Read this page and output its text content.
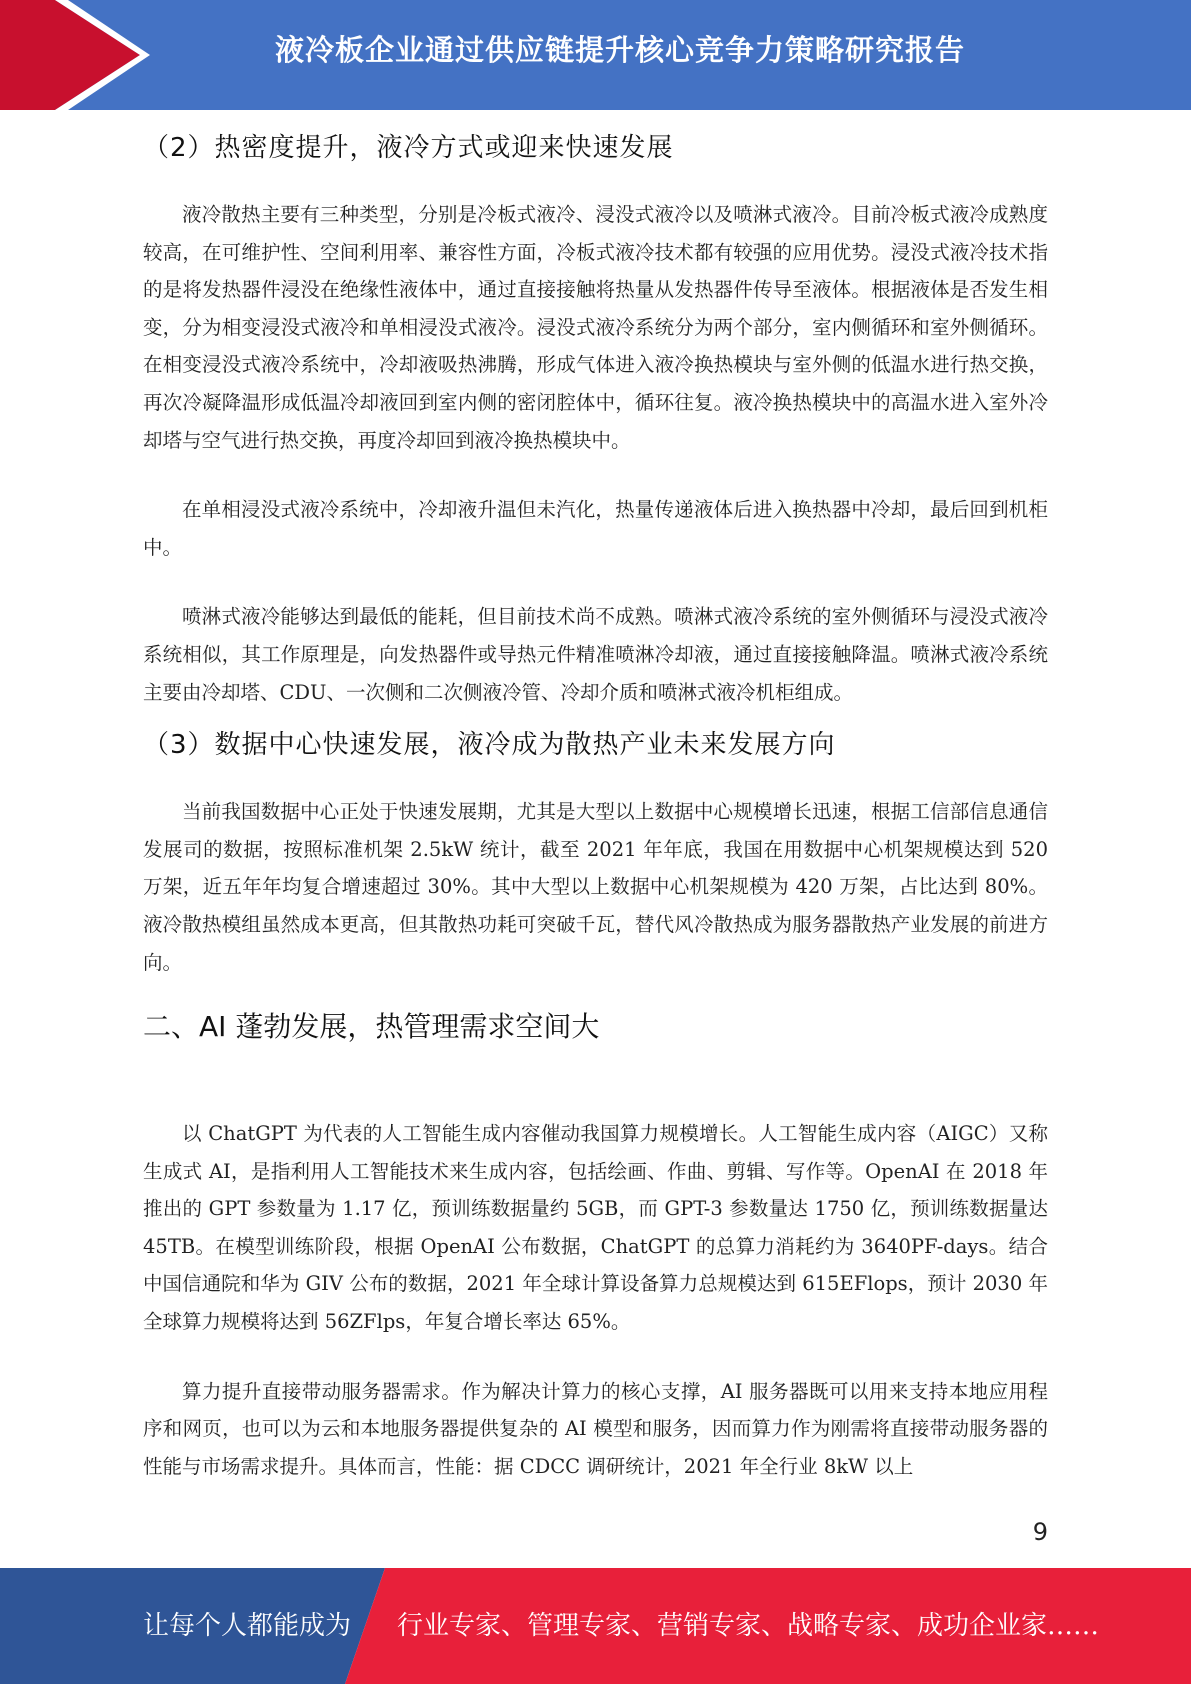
液冷板企业通过供应链提升核心竞争力策略研究报告
（2）热密度提升，液冷方式或迎来快速发展

液冷散热主要有三种类型，分别是冷板式液冷、浸没式液冷以及喷淋式液冷。目前冷板式液冷成熟度较高，在可维护性、空间利用率、兼容性方面，冷板式液冷技术都有较强的应用优势。浸没式液冷技术指的是将发热器件浸没在绝缘性液体中，通过直接接触将热量从发热器件传导至液体。根据液体是否发生相变，分为相变浸没式液冷和单相浸没式液冷。浸没式液冷系统分为两个部分，室内侧循环和室外侧循环。在相变浸没式液冷系统中，冷却液吸热沸腾，形成气体进入液冷换热模块与室外侧的低温水进行热交换，再次冷凝降温形成低温冷却液回到室内侧的密闭腔体中，循环往复。液冷换热模块中的高温水进入室外冷却塔与空气进行热交换，再度冷却回到液冷换热模块中。

在单相浸没式液冷系统中，冷却液升温但未汽化，热量传递液体后进入换热器中冷却，最后回到机柜中。

喷淋式液冷能够达到最低的能耗，但目前技术尚不成熟。喷淋式液冷系统的室外侧循环与浸没式液冷系统相似，其工作原理是，向发热器件或导热元件精准喷淋冷却液，通过直接接触降温。喷淋式液冷系统主要由冷却塔、CDU、一次侧和二次侧液冷管、冷却介质和喷淋式液冷机柜组成。

（3）数据中心快速发展，液冷成为散热产业未来发展方向

当前我国数据中心正处于快速发展期，尤其是大型以上数据中心规模增长迅速，根据工信部信息通信发展司的数据，按照标准机架 2.5kW 统计，截至 2021 年年底，我国在用数据中心机架规模达到 520 万架，近五年年均复合增速超过 30%。其中大型以上数据中心机架规模为 420 万架，占比达到 80%。液冷散热模组虽然成本更高，但其散热功耗可突破千瓦，替代风冷散热成为服务器散热产业发展的前进方向。

二、AI 蓬勃发展，热管理需求空间大

以 ChatGPT 为代表的人工智能生成内容催动我国算力规模增长。人工智能生成内容（AIGC）又称生成式 AI，是指利用人工智能技术来生成内容，包括绘画、作曲、剪辑、写作等。OpenAI 在 2018 年推出的 GPT 参数量为 1.17 亿，预训练数据量约 5GB，而 GPT-3 参数量达 1750 亿，预训练数据量达 45TB。在模型训练阶段，根据 OpenAI 公布数据，ChatGPT 的总算力消耗约为 3640PF-days。结合中国信通院和华为 GIV 公布的数据，2021 年全球计算设备算力总规模达到 615EFlops，预计 2030 年全球算力规模将达到 56ZFlps，年复合增长率达 65%。

算力提升直接带动服务器需求。作为解决计算力的核心支撑，AI 服务器既可以用来支持本地应用程序和网页，也可以为云和本地服务器提供复杂的 AI 模型和服务，因而算力作为刚需将直接带动服务器的性能与市场需求提升。具体而言，性能：据 CDCC 调研统计，2021 年全行业 8kW 以上

9
让每个人都能成为 行业专家、管理专家、营销专家、战略专家、成功企业家……
